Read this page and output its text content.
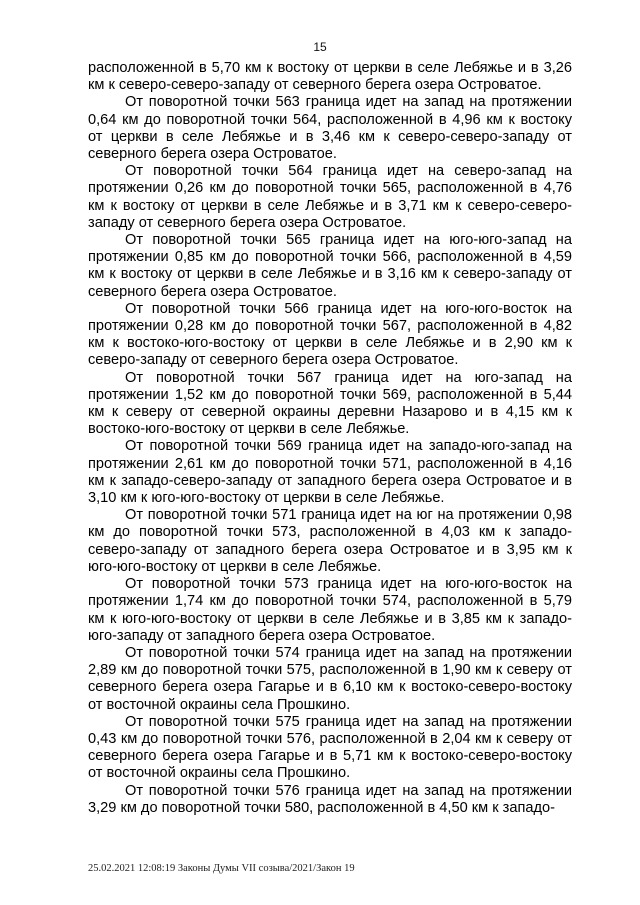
15

расположенной в 5,70 км к востоку от церкви в селе Лебяжье и в 3,26 км к северо-северо-западу от северного берега озера Островатое.

От поворотной точки 563 граница идет на запад на протяжении 0,64 км до поворотной точки 564, расположенной в 4,96 км к востоку от церкви в селе Лебяжье и в 3,46 км к северо-северо-западу от северного берега озера Островатое.

От поворотной точки 564 граница идет на северо-запад на протяжении 0,26 км до поворотной точки 565, расположенной в 4,76 км к востоку от церкви в селе Лебяжье и в 3,71 км к северо-северо-западу от северного берега озера Островатое.

От поворотной точки 565 граница идет на юго-юго-запад на протяжении 0,85 км до поворотной точки 566, расположенной в 4,59 км к востоку от церкви в селе Лебяжье и в 3,16 км к северо-западу от северного берега озера Островатое.

От поворотной точки 566 граница идет на юго-юго-восток на протяжении 0,28 км до поворотной точки 567, расположенной в 4,82 км к востоко-юго-востоку от церкви в селе Лебяжье и в 2,90 км к северо-западу от северного берега озера Островатое.

От поворотной точки 567 граница идет на юго-запад на протяжении 1,52 км до поворотной точки 569, расположенной в 5,44 км к северу от северной окраины деревни Назарово и в 4,15 км к востоко-юго-востоку от церкви в селе Лебяжье.

От поворотной точки 569 граница идет на западо-юго-запад на протяжении 2,61 км до поворотной точки 571, расположенной в 4,16 км к западо-северо-западу от западного берега озера Островатое и в 3,10 км к юго-юго-востоку от церкви в селе Лебяжье.

От поворотной точки 571 граница идет на юг на протяжении 0,98 км до поворотной точки 573, расположенной в 4,03 км к западо-северо-западу от западного берега озера Островатое и в 3,95 км к юго-юго-востоку от церкви в селе Лебяжье.

От поворотной точки 573 граница идет на юго-юго-восток на протяжении 1,74 км до поворотной точки 574, расположенной в 5,79 км к юго-юго-востоку от церкви в селе Лебяжье и в 3,85 км к западо-юго-западу от западного берега озера Островатое.

От поворотной точки 574 граница идет на запад на протяжении 2,89 км до поворотной точки 575, расположенной в 1,90 км к северу от северного берега озера Гагарье и в 6,10 км к востоко-северо-востоку от восточной окраины села Прошкино.

От поворотной точки 575 граница идет на запад на протяжении 0,43 км до поворотной точки 576, расположенной в 2,04 км к северу от северного берега озера Гагарье и в 5,71 км к востоко-северо-востоку от восточной окраины села Прошкино.

От поворотной точки 576 граница идет на запад на протяжении 3,29 км до поворотной точки 580, расположенной в 4,50 км к западо-

25.02.2021 12:08:19 Законы Думы VII созыва/2021/Закон 19
